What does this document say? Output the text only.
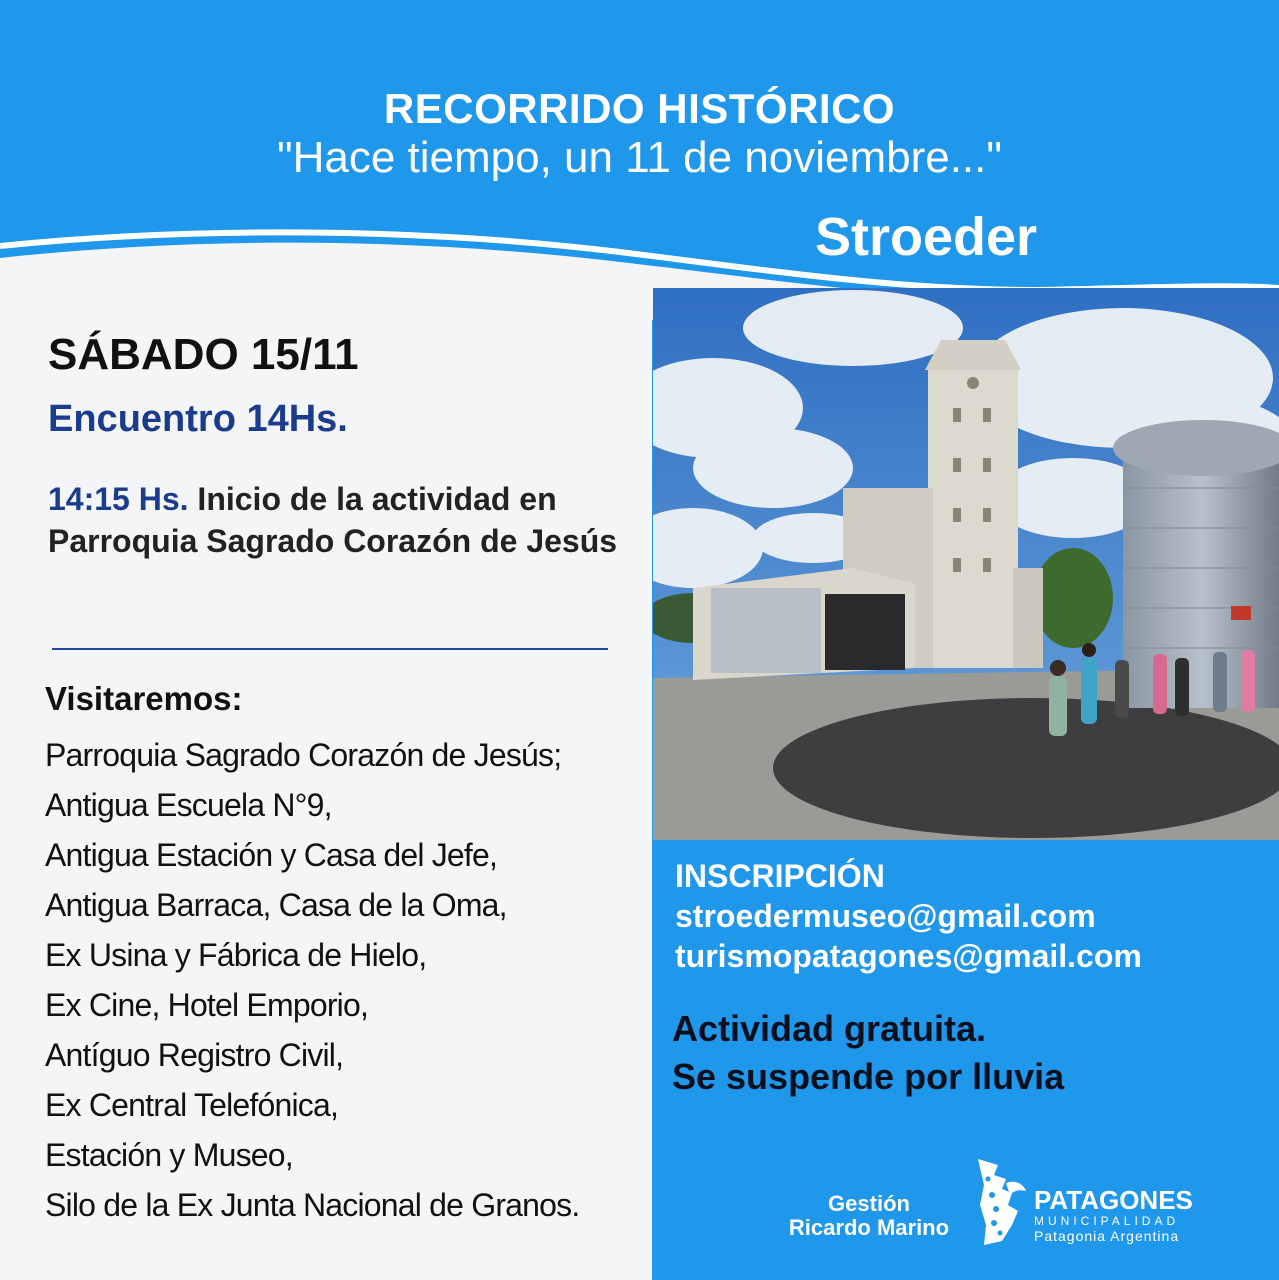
RECORRIDO HISTÓRICO
"Hace tiempo, un 11 de noviembre..."
Stroeder
SÁBADO 15/11
Encuentro 14Hs.
14:15 Hs. Inicio de la actividad en Parroquia Sagrado Corazón de Jesús
Visitaremos:
Parroquia Sagrado Corazón de Jesús;
Antigua Escuela N°9,
Antigua Estación y Casa del Jefe,
Antigua Barraca, Casa de la Oma,
Ex Usina y Fábrica de Hielo,
Ex Cine, Hotel Emporio,
Antíguo Registro Civil,
Ex Central Telefónica,
Estación y Museo,
Silo de la Ex Junta Nacional de Granos.
INSCRIPCIÓN
stroedermuseo@gmail.com
turismopatagones@gmail.com
Actividad gratuita.
Se suspende por lluvia
Gestión
Ricardo Marino
PATAGONES
MUNICIPALIDAD
Patagonia Argentina
